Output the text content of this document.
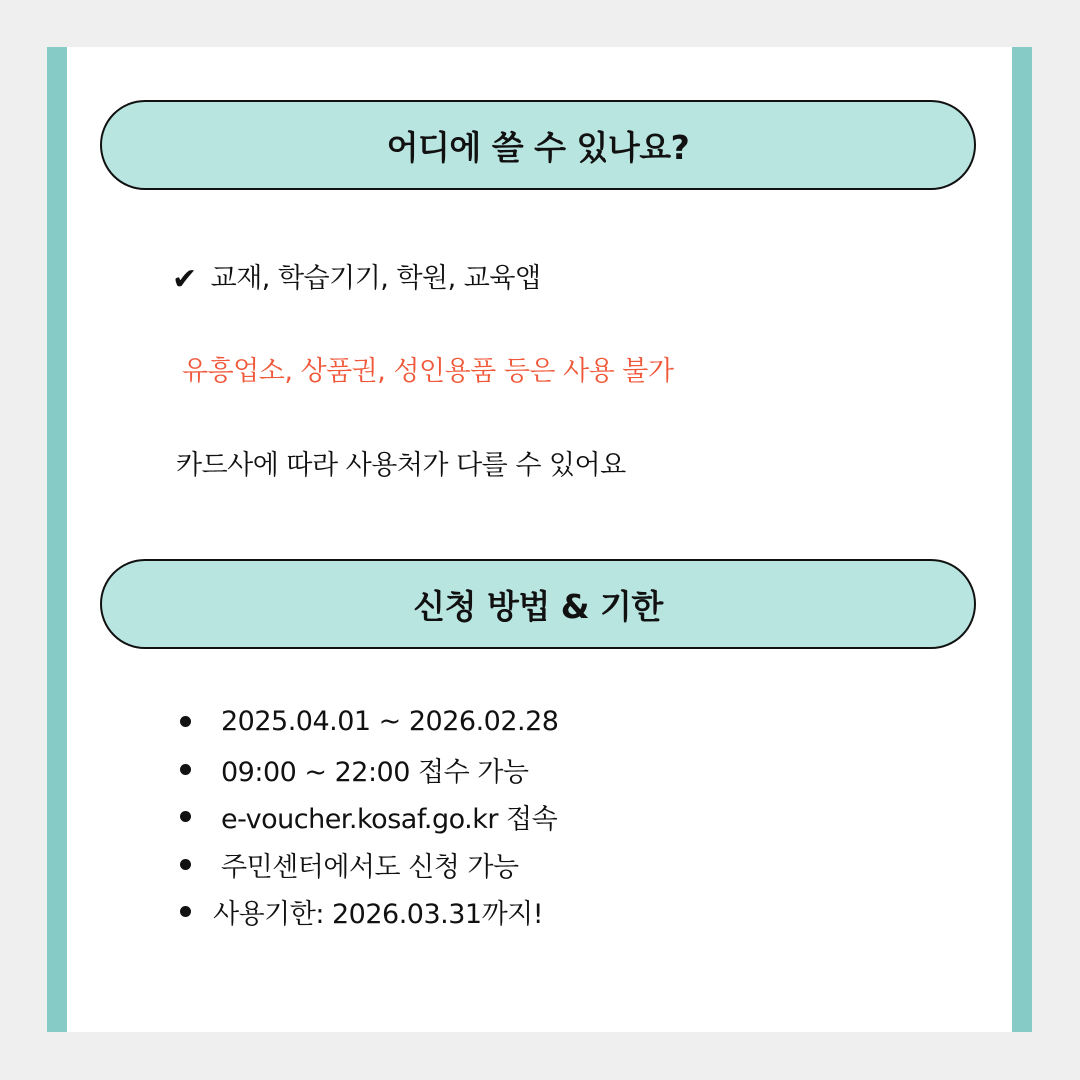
어디에 쓸 수 있나요?
✔ 교재, 학습기기, 학원, 교육앱
유흥업소, 상품권, 성인용품 등은 사용 불가
카드사에 따라 사용처가 다를 수 있어요
신청 방법 & 기한
2025.04.01 ~ 2026.02.28
09:00 ~ 22:00 접수 가능
e-voucher.kosaf.go.kr 접속
주민센터에서도 신청 가능
사용기한: 2026.03.31까지!
